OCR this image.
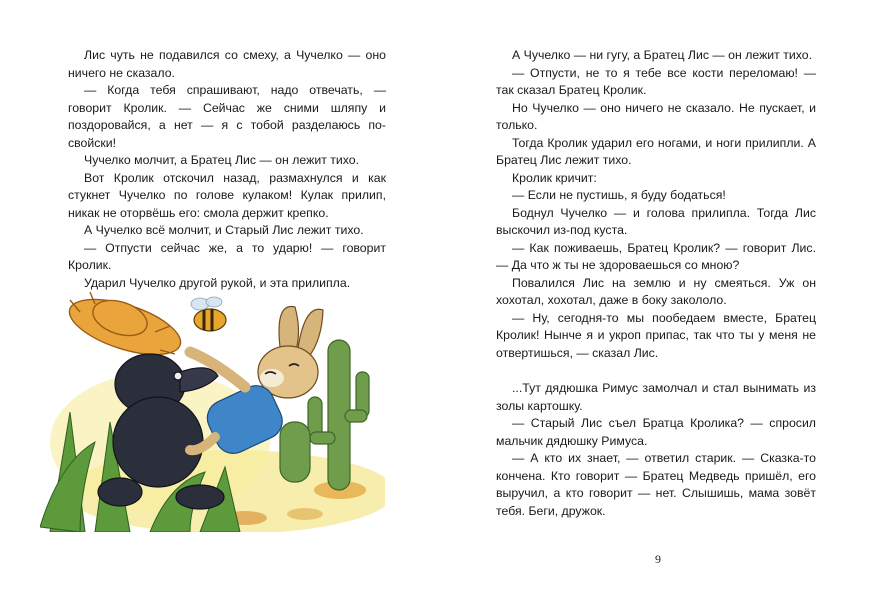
Лис чуть не подавился со смеху, а Чучелко — оно ничего не сказало.

— Когда тебя спрашивают, надо отвечать, — говорит Кролик. — Сейчас же сними шляпу и поздоровайся, а нет — я с тобой разделаюсь по-свойски!

Чучелко молчит, а Братец Лис — он лежит тихо.

Вот Кролик отскочил назад, размахнулся и как стукнет Чучелко по голове кулаком! Кулак прилип, никак не оторвёшь его: смола держит крепко.

А Чучелко всё молчит, и Старый Лис лежит тихо.

— Отпусти сейчас же, а то ударю! — говорит Кролик.

Ударил Чучелко другой рукой, и эта прилипла.

А Чучелко — ни гугу, а Братец Лис — он лежит тихо.

— Отпусти, не то я тебе все кости переломаю! — так сказал Братец Кролик.

Но Чучелко — оно ничего не сказало. Не пускает, и только.

Тогда Кролик ударил его ногами, и ноги прилипли. А Братец Лис лежит тихо.

Кролик кричит:

— Если не пустишь, я буду бодаться!

Боднул Чучелко — и голова прилипла. Тогда Лис выскочил из-под куста.

— Как поживаешь, Братец Кролик? — говорит Лис. — Да что ж ты не здороваешься со мною?

Повалился Лис на землю и ну смеяться. Уж он хохотал, хохотал, даже в боку закололо.

— Ну, сегодня-то мы пообедаем вместе, Братец Кролик! Нынче я и укроп припас, так что ты у меня не отвертишься, — сказал Лис.

...Тут дядюшка Римус замолчал и стал вынимать из золы картошку.

— Старый Лис съел Братца Кролика? — спросил мальчик дядюшку Римуса.

— А кто их знает, — ответил старик. — Сказка-то кончена. Кто говорит — Братец Медведь пришёл, его выручил, а кто говорит — нет. Слышишь, мама зовёт тебя. Беги, дружок.

9
